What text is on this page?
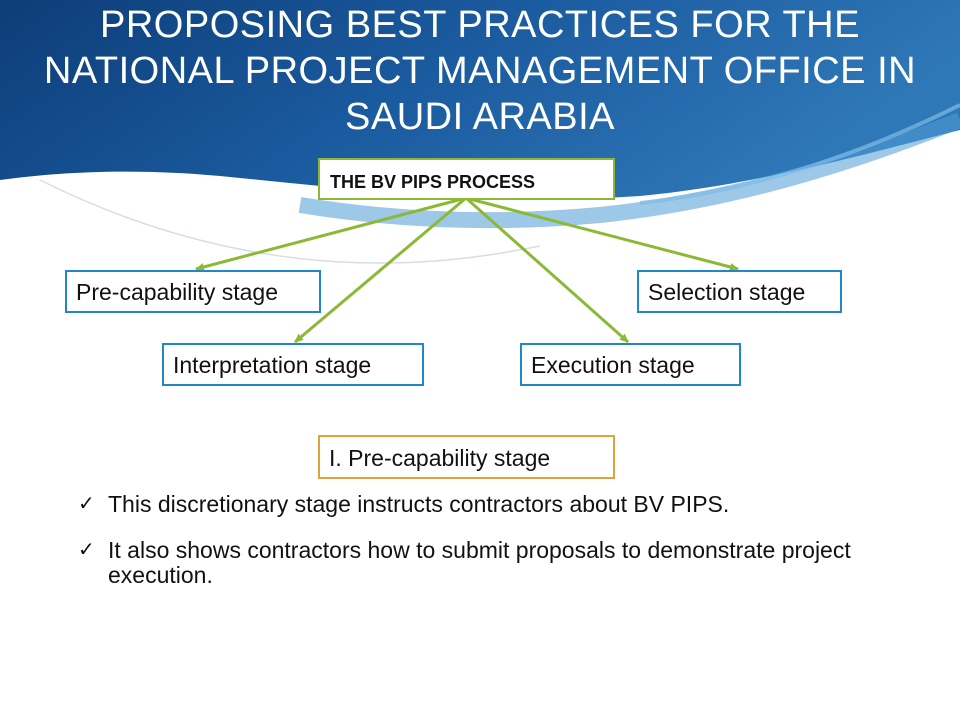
PROPOSING BEST PRACTICES FOR THE NATIONAL PROJECT MANAGEMENT OFFICE IN SAUDI ARABIA
THE BV PIPS PROCESS
Pre-capability stage	Selection stage
Interpretation stage	Execution stage
I. Pre-capability stage
✓ This discretionary stage instructs contractors about BV PIPS.
✓ It also shows contractors how to submit proposals to demonstrate project execution.
